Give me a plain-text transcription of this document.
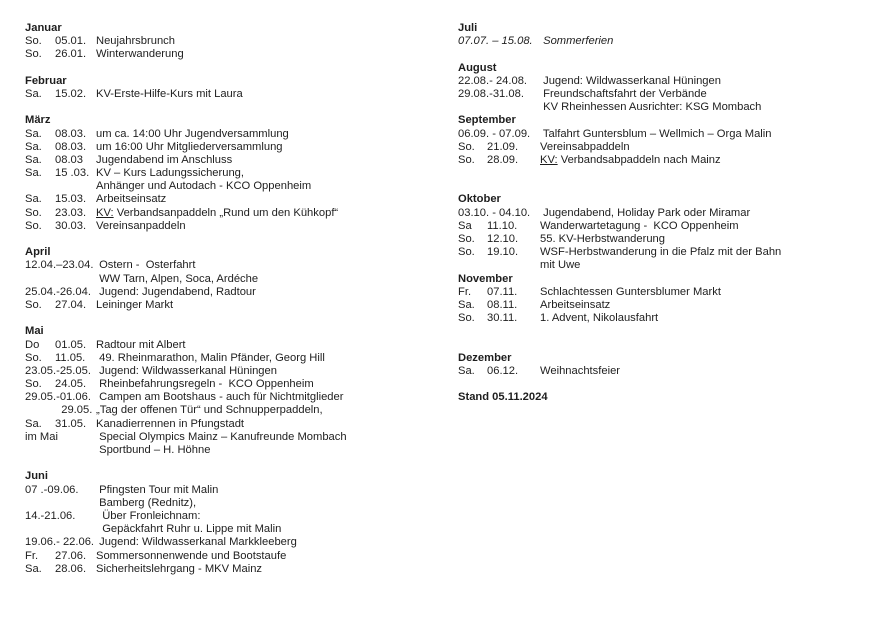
Januar
So.	05.01. Neujahrsbrunch
So.	26.01. Winterwanderung
Februar
Sa.	15.02. KV-Erste-Hilfe-Kurs mit Laura
März
Sa.	08.03. um ca. 14:00 Uhr Jugendversammlung
Sa.	08.03. um 16:00 Uhr Mitgliederversammlung
Sa.	08.03	Jugendabend im Anschluss
Sa.	15 .03. KV – Kurs Ladungssicherung,
Anhänger und Autodach - KCO Oppenheim
Sa.	15.03. Arbeitseinsatz
So.	23.03. KV: Verbandsanpaddeln „Rund um den Kühkopf“
So.	30.03. Vereinsanpaddeln
April
12.04.–23.04. Ostern -  Osterfahrt
WW Tarn, Alpen, Soca, Ardéche
25.04.-26.04. Jugend: Jugendabend, Radtour
So.	27.04. Leininger Markt
Mai
Do	01.05. Radtour mit Albert
So.	11.05. 49. Rheinmarathon, Malin Pfänder, Georg Hill
23.05.-25.05. Jugend: Wildwasserkanal Hüningen
So.	24.05. Rheinbefahrungsregeln -  KCO Oppenheim
29.05.-01.06. Campen am Bootshaus - auch für Nichtmitglieder
29.05. „Tag der offenen Tür“ und Schnupperpaddeln,
Sa.	31.05. Kanadierrennen in Pfungstadt
im Mai	Special Olympics Mainz – Kanufreunde Mombach
Sportbund – H. Höhne
Juni
07 .-09.06.	Pfingsten Tour mit Malin
Bamberg (Rednitz),
14.-21.06.	Über Fronleichnam:
Gepäckfahrt Ruhr u. Lippe mit Malin
19.06.- 22.06. Jugend: Wildwasserkanal Markkleeberg
Fr.	27.06. Sommersonnenwende und Bootstaufe
Sa.	28.06. Sicherheitslehrgang - MKV Mainz
Juli
07.07. – 15.08. Sommerferien
August
22.08.- 24.08.	Jugend: Wildwasserkanal Hüningen
29.08.-31.08.	Freundschaftsfahrt der Verbände
KV Rheinhessen Ausrichter: KSG Mombach
September
06.09. - 07.09. Talfahrt Guntersblum – Wellmich – Orga Malin
So.	21.09.	Vereinsabpaddeln
So.	28.09.	KV: Verbandsabpaddeln nach Mainz
Oktober
03.10. - 04.10. Jugendabend, Holiday Park oder Miramar
Sa	11.10.	Wanderwartetagung -  KCO Oppenheim
So.	12.10.	55. KV-Herbstwanderung
So.	19.10.	WSF-Herbstwanderung in die Pfalz mit der Bahn
mit Uwe
November
Fr.	07.11.	Schlachtessen Guntersblumer Markt
Sa.	08.11.	Arbeitseinsatz
So.	30.11.	1. Advent, Nikolausfahrt
Dezember
Sa.	06.12.	Weihnachtsfeier
Stand 05.11.2024
